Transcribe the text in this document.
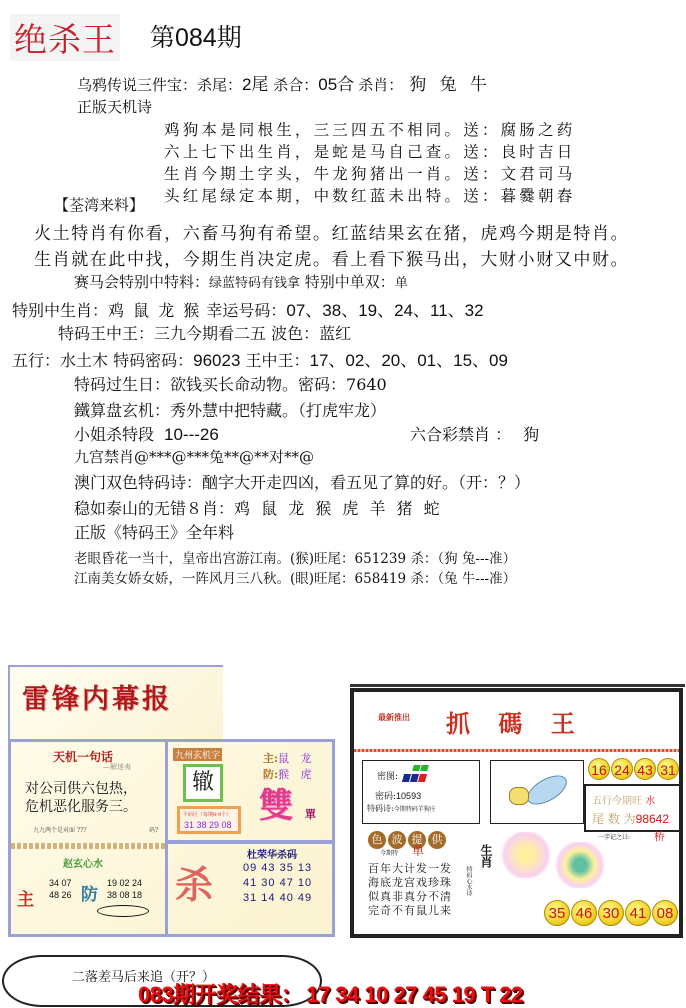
绝杀王 第084期
乌鸦传说三件宝：杀尾：2尾 杀合：05合 杀肖： 狗 兔 牛
正版天机诗
鸡狗本是同根生，三三四五不相同。送：腐肠之药
六上七下出生肖，是蛇是马自己查。送：良时吉日
生肖今期土字头，牛龙狗猪出一肖。送：文君司马
头红尾绿定本期，中数红蓝未出特。送：暮爨朝舂
【荃湾来料】
火土特肖有你看，六畜马狗有希望。红蓝结果玄在猪，虎鸡今期是特肖。
生肖就在此中找，今期生肖决定虎。看上看下猴马出，大财小财又中财。
赛马会特别中特料：绿蓝特码有钱拿 特别中单双：单
特别中生肖：鸡 鼠 龙 猴 幸运号码：07、38、19、24、11、32
特码王中王：三九今期看二五 波色：蓝红
五行：水土木 特码密码：96023 王中王：17、02、20、01、15、09
特码过生日：欲钱买长命动物。密码：7640
鐵算盘玄机：秀外慧中把特藏。（打虎牢龙）
小姐杀特段 10---26	六合彩禁肖 ： 狗
九宫禁肖@***@***兔**@**对**@
澳门双色特码诗：酗字大开走四凶，看五见了算的好。（开：？）
稳如泰山的无错８肖：鸡 鼠 龙 猴 虎 羊 猪 蛇
正版《特码王》全年料
老眼昏花一当十，皇帝出宫游江南。(猴)旺尾：651239 杀：（狗 兔---准）
江南美女娇女娇，一阵风月三八秋。(眼)旺尾：658419 杀：（兔 牛---准）
雷锋内幕报
天机一句话
—解迷夷
对公司供六包热，
危机恶化服务三。
九九两个是对面 ???	码?
九州玄机字
辙
平码区（每期8-9个）
31 38 29 08
主:鼠 龙
防:猴 虎
雙 單
赵玄心水
主
34 07
48 26 防
19 02 24
38 08 18 杀
杜荣华杀码
09 43 35 13
41 30 47 10
31 14 40 49
最新推出 抓 碼 王
密图:
密码:10593
特码诗:今期特码羊狗庄
16 24 43 31
五行今期旺 水
尾 数 为98642
色 波 提 供
今期特 单
一字记之曰: 桥
百年大计发一发
海底龙宫戏珍珠
似真非真分不清
完奇不有鼠儿来
生肖
特码心水诗
35 46 30 41 08
二落差马后来追（开？）
083期开奖结果： 17 34 10 27 45 19 T 22
